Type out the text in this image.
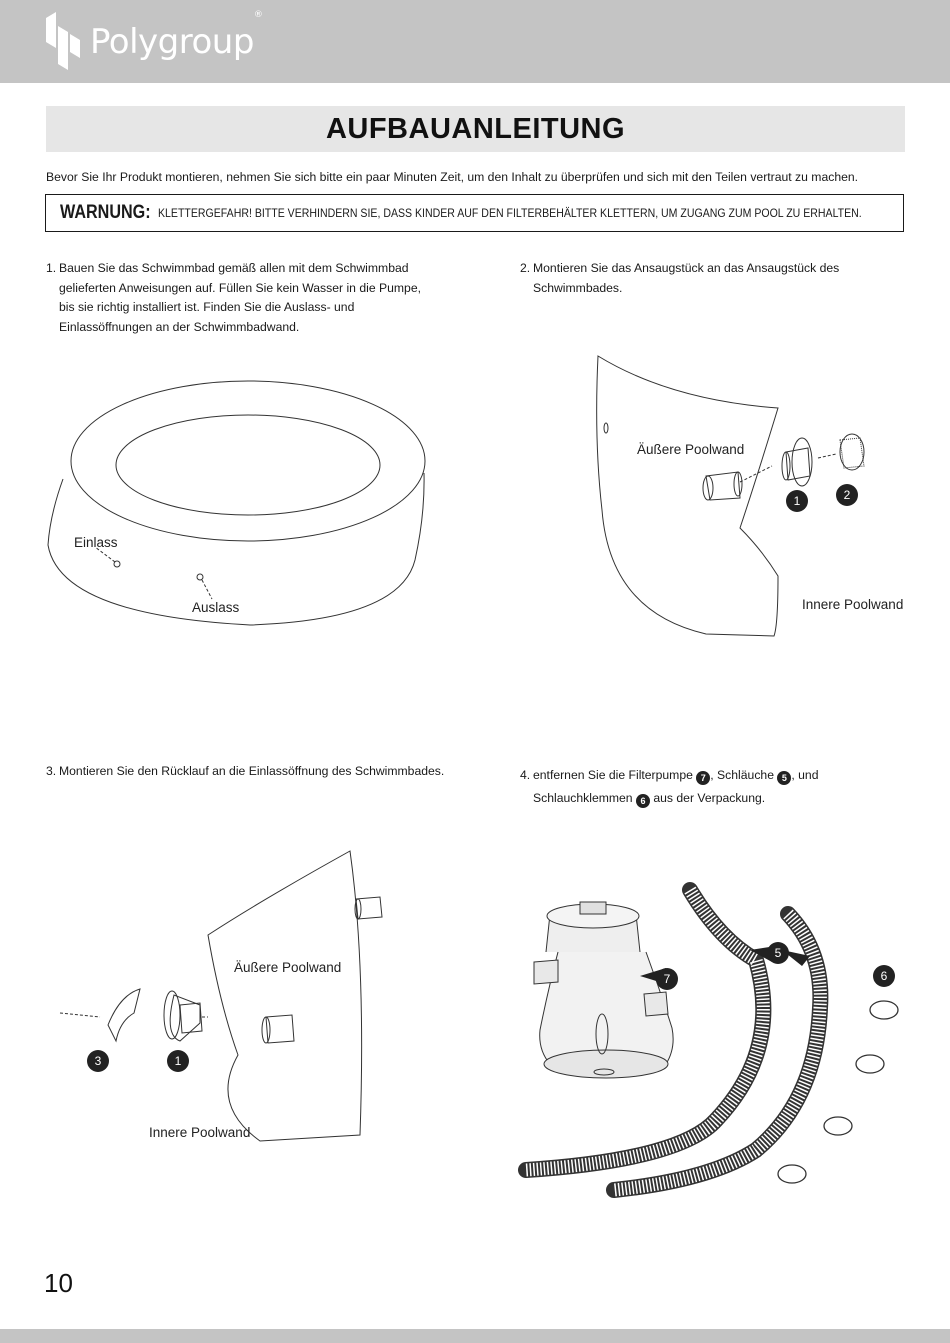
Polygroup®
AUFBAUANLEITUNG
Bevor Sie Ihr Produkt montieren, nehmen Sie sich bitte ein paar Minuten Zeit, um den Inhalt zu überprüfen und sich mit den Teilen vertraut zu machen.
WARNUNG: KLETTERGEFAHR! BITTE VERHINDERN SIE, DASS KINDER AUF DEN FILTERBEHÄLTER KLETTERN, UM ZUGANG ZUM POOL ZU ERHALTEN.
1. Bauen Sie das Schwimmbad gemäß allen mit dem Schwimmbad gelieferten Anweisungen auf. Füllen Sie kein Wasser in die Pumpe, bis sie richtig installiert ist. Finden Sie die Auslass- und Einlassöffnungen an der Schwimmbadwand.
2. Montieren Sie das Ansaugstück an das Ansaugstück des Schwimmbades.
3. Montieren Sie den Rücklauf an die Einlassöffnung des Schwimmbades.	4. entfernen Sie die Filterpumpe 7 , Schläuche 5 , und
Schlauchklemmen 6 aus der Verpackung.
Einlass
Auslass
Äußere Poolwand
Innere Poolwand
1	2
Äußere Poolwand
Innere Poolwand
3	1
7
5
6
10
